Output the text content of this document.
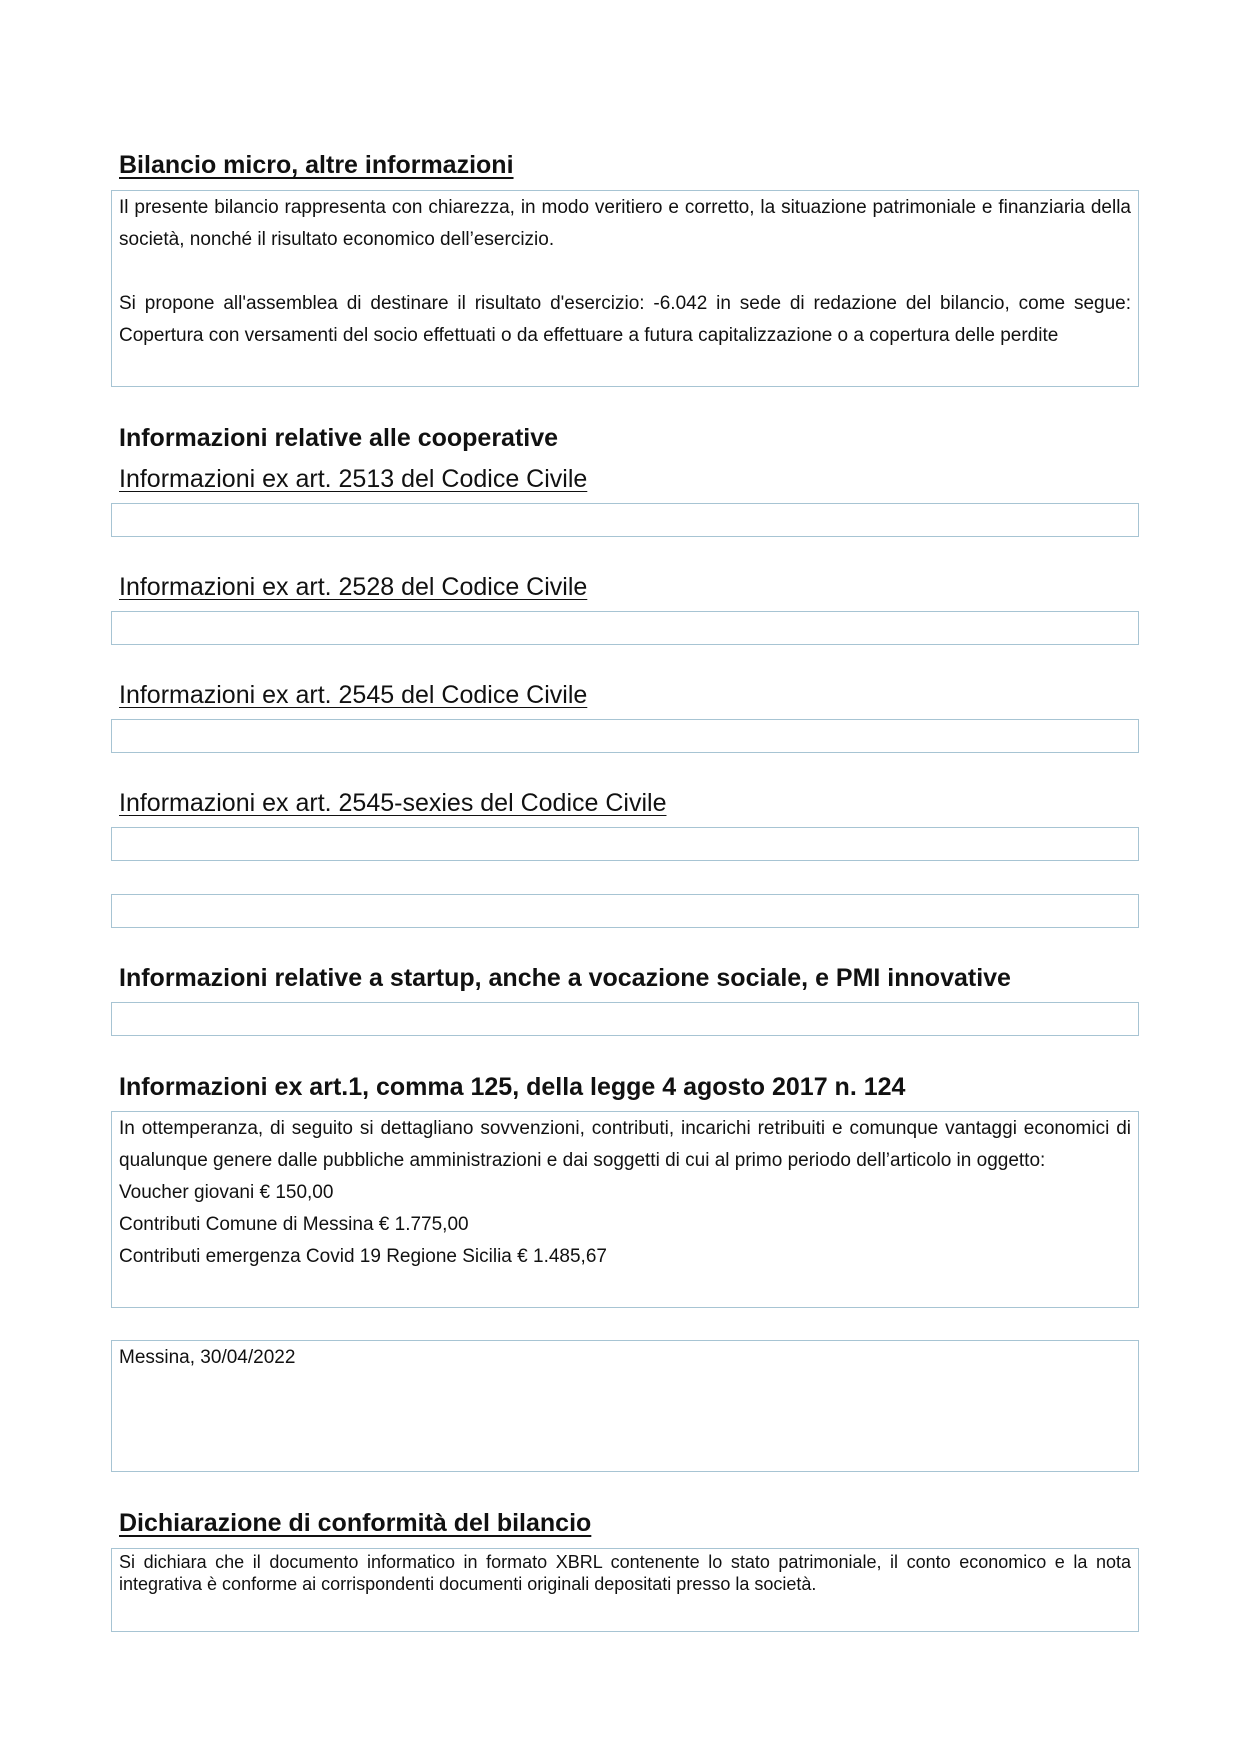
Bilancio micro, altre informazioni

Il presente bilancio rappresenta con chiarezza, in modo veritiero e corretto, la situazione patrimoniale e finanziaria della società, nonché il risultato economico dell’esercizio.

Si propone all'assemblea di destinare il risultato d'esercizio: -6.042 in sede di redazione del bilancio, come segue: Copertura con versamenti del socio effettuati o da effettuare a futura capitalizzazione o a copertura delle perdite

Informazioni relative alle cooperative
Informazioni ex art. 2513 del Codice Civile
Informazioni ex art. 2528 del Codice Civile
Informazioni ex art. 2545 del Codice Civile
Informazioni ex art. 2545-sexies del Codice Civile
Informazioni relative a startup, anche a vocazione sociale, e PMI innovative
Informazioni ex art.1, comma 125, della legge 4 agosto 2017 n. 124

In ottemperanza, di seguito si dettagliano sovvenzioni, contributi, incarichi retribuiti e comunque vantaggi economici di qualunque genere dalle pubbliche amministrazioni e dai soggetti di cui al primo periodo dell’articolo in oggetto:

Voucher giovani € 150,00

Contributi Comune di Messina € 1.775,00

Contributi emergenza Covid 19 Regione Sicilia € 1.485,67

Messina, 30/04/2022

Dichiarazione di conformità del bilancio
Si dichiara che il documento informatico in formato XBRL contenente lo stato patrimoniale, il conto economico e la nota integrativa è conforme ai corrispondenti documenti originali depositati presso la società.
